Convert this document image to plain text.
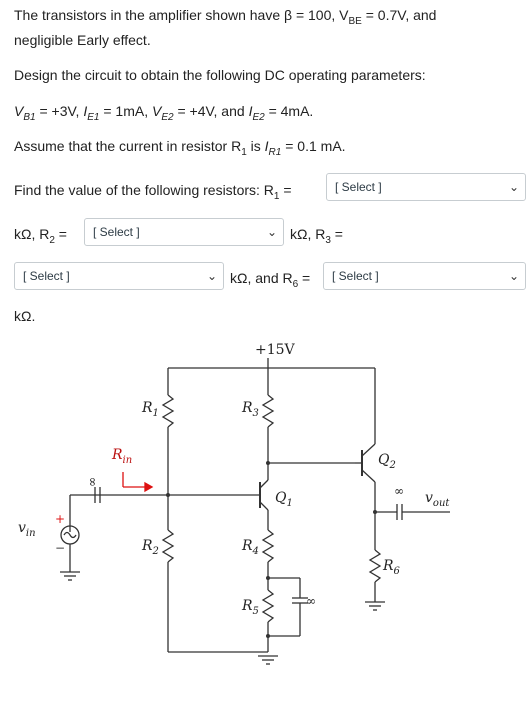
The transistors in the amplifier shown have β = 100, $V_{BE} = 0.7V$, and
negligible Early effect.
Design the circuit to obtain the following DC operating parameters:
$V_{B1} = +3V$, $I_{E1} = 1mA$, $V_{E2} = +4V$, and $I_{E2} = 4mA$.
Assume that the current in resistor $R_1$ is $I_{R1} = 0.1$ mA.
Find the value of the following resistors: $R_1$ =	[ Select ]	⌄
kΩ, $R_2$ =	[ Select ]	⌄ kΩ, $R_3$ =
[ Select ]	⌄ kΩ, and $R_6$ =	[ Select ]	⌄
kΩ.
+15V
$R_1$	$R_3$
$R_2$	$R_4$
$R_5$
$R_6$
$Q_1$
$Q_2$
$R_{in}$
$v_{in}$
$v_{out}$
+
−
∞
∞
∞
